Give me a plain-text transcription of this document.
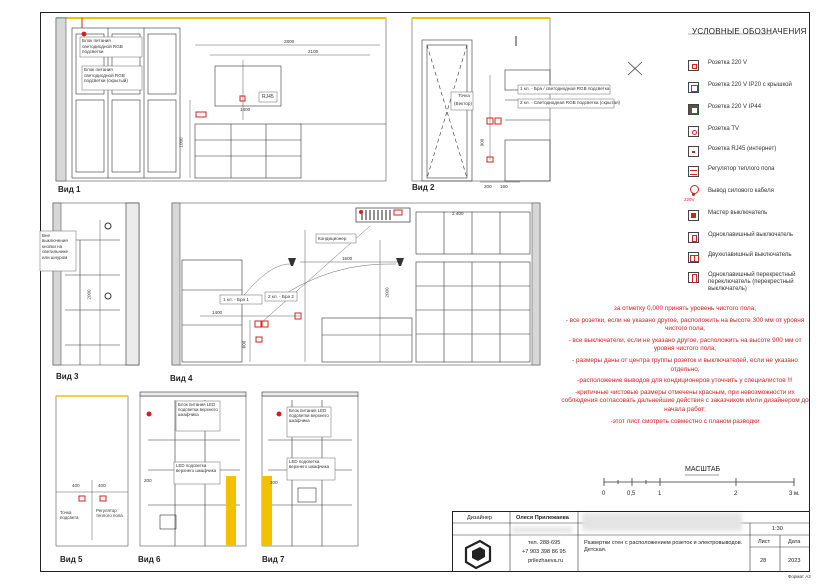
Вид 1	Вид 2
Вид 3	Вид 4
Вид 5	Вид 6	Вид 7
Блок питания светодиодной RGB подсветки
Блок питания светодиодной RGB подсветки (скрытый)
RJ45
2800
2100
1400
1000
1 кл. - Бра / светодиодная RGB подсветка
2 кл. - Светодиодная RGB подсветка (скрытая)
Точка
(Вектор)
200 160
900
Вне выключения кнопки на светильнике или шнуром
2000
Кондиционер
1 кл. - Бра 1
2 кл. - Бра 2
1600
1400
2000
600
2 400
Точка подсвета
Регулятор теплого пола
400	400
Блок питания LED подсветки верхнего шкафчика
LED подсветка верхнего шкафчика
200
Блок питания LED подсветки верхнего шкафчика
LED подсветка верхнего шкафчика
200
УСЛОВНЫЕ ОБОЗНАЧЕНИЯ
Розетка 220 V
Розетка 220 V IP20 с крышкой
Розетка 220 V IP44
Розетка TV
Розетка RJ45 (интернет)
Регулятор теплого пола
220V
Вывод силового кабеля
Мастер выключатель
Одноклавишный выключатель
Двухклавишный выключатель
Одноклавишный перекрестный переключатель (перекрестный выключатель)

за отметку 0,000 принять уровень чистого пола;

- все розетки, если не указано другое, расположить на высоте 300 мм от уровня чистого пола;

- все выключатели, если не указано другое, расположить на высоте 900 мм от уровня чистого пола;

- размеры даны от центра группы розеток и выключателей, если не указано отдельно;

-расположение выводов для кондиционеров уточнить у специалистов !!!

-критичные чистовые размеры отмечены красным, при невозможности их соблюдения согласовать дальнейшие действия с заказчиком и/или дизайнером до начала работ;

-этот лист смотреть совместно с планом разводки

МАСШТАБ
0	0,5	1	2	3 м.
Дизайнер	Олеся Прилежаева
тел. 288-695
+7 903 398 86 95
prilezhaeva.ru
Развертки стен с расположением розеток и электровыводов. Детская.
1:30
Лист	Дата
28	2023
Формат А3
